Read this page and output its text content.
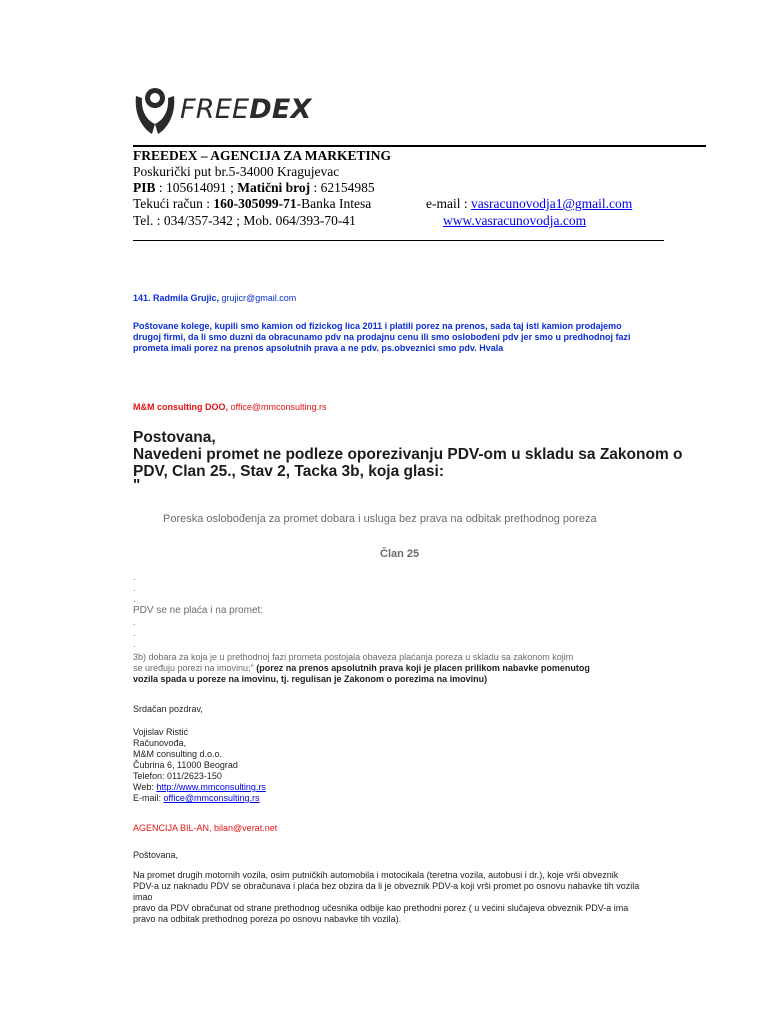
FREEDEX
FREEDEX – AGENCIJA ZA MARKETING
Poskurički put br.5-34000 Kragujevac
PIB : 105614091 ; Matični broj : 62154985
Tekući račun : 160-305099-71-Banka Intesa
Tel. : 034/357-342 ; Mob. 064/393-70-41
e-mail : vasracunovodja1@gmail.com
www.vasracunovodja.com
141. Radmila Grujic, grujicr@gmail.com
Poštovane kolege, kupili smo kamion od fizickog lica 2011 i platili porez na prenos, sada taj isti kamion prodajemo
drugoj firmi, da li smo duzni da obracunamo pdv na prodajnu cenu ili smo oslobođeni pdv jer smo u predhodnoj fazi
prometa imali porez na prenos apsolutnih prava a ne pdv. ps.obveznici smo pdv. Hvala
M&M consulting DOO, office@mmconsulting.rs
Postovana,
Navedeni promet ne podleze oporezivanju PDV-om u skladu sa Zakonom o
PDV, Clan 25., Stav 2, Tacka 3b, koja glasi:
"
Poreska oslobođenja za promet dobara i usluga bez prava na odbitak prethodnog poreza
Član 25
.
.
.
PDV se ne plaća i na promet:
.
.
.
3b) dobara za koja je u prethodnoj fazi prometa postojala obaveza plaćanja poreza u skladu sa zakonom kojim
se uređuju porezi na imovinu;" (porez na prenos apsolutnih prava koji je placen prilikom nabavke pomenutog
vozila spada u poreze na imovinu, tj. regulisan je Zakonom o porezima na imovinu)
Srdačan pozdrav,
Vojislav Ristić
Računovođa,
M&M consulting d.o.o.
Čubrina 6, 11000 Beograd
Telefon: 011/2623-150
Web: http://www.mmconsulting.rs
E-mail: office@mmconsulting.rs
AGENCIJA BIL-AN, bilan@verat.net
Poštovana,
Na promet drugih motornih vozila, osim putničkih automobila i motocikala (teretna vozila, autobusi i dr.), koje vrši obveznik
PDV-a uz naknadu PDV se obračunava i plaća bez obzira da li je obveznik PDV-a koji vrši promet po osnovu nabavke tih vozila
imao
pravo da PDV obračunat od strane prethodnog učesnika odbije kao prethodni porez ( u većini slučajeva obveznik PDV-a ima
pravo na odbitak prethodnog poreza po osnovu nabavke tih vozila).
